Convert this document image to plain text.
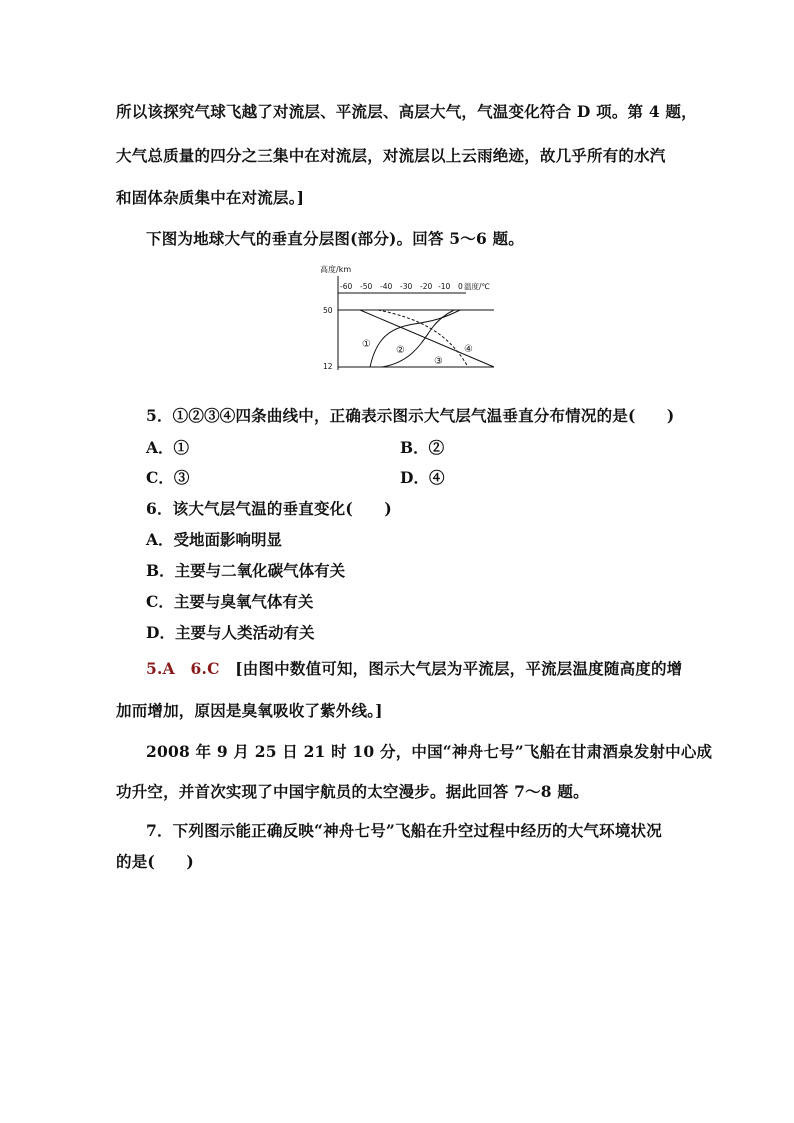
所以该探究气球飞越了对流层、平流层、高层大气，气温变化符合 D 项。第 4 题，
大气总质量的四分之三集中在对流层，对流层以上云雨绝迹，故几乎所有的水汽
和固体杂质集中在对流层。]
下图为地球大气的垂直分层图(部分)。回答 5～6 题。
高度/km
-60 -50 -40 -30 -20 -10 0 温度/℃
50
12
①
②
③
④
5．①②③④四条曲线中，正确表示图示大气层气温垂直分布情况的是(　　)
A．①	B．②
C．③	D．④
6．该大气层气温的垂直变化(　　)
A．受地面影响明显
B．主要与二氧化碳气体有关
C．主要与臭氧气体有关
D．主要与人类活动有关
5.A　6.C [由图中数值可知，图示大气层为平流层，平流层温度随高度的增
加而增加，原因是臭氧吸收了紫外线。]
2008 年 9 月 25 日 21 时 10 分，中国“神舟七号”飞船在甘肃酒泉发射中心成
功升空，并首次实现了中国宇航员的太空漫步。据此回答 7～8 题。
7．下列图示能正确反映“神舟七号”飞船在升空过程中经历的大气环境状况
的是(　　)
